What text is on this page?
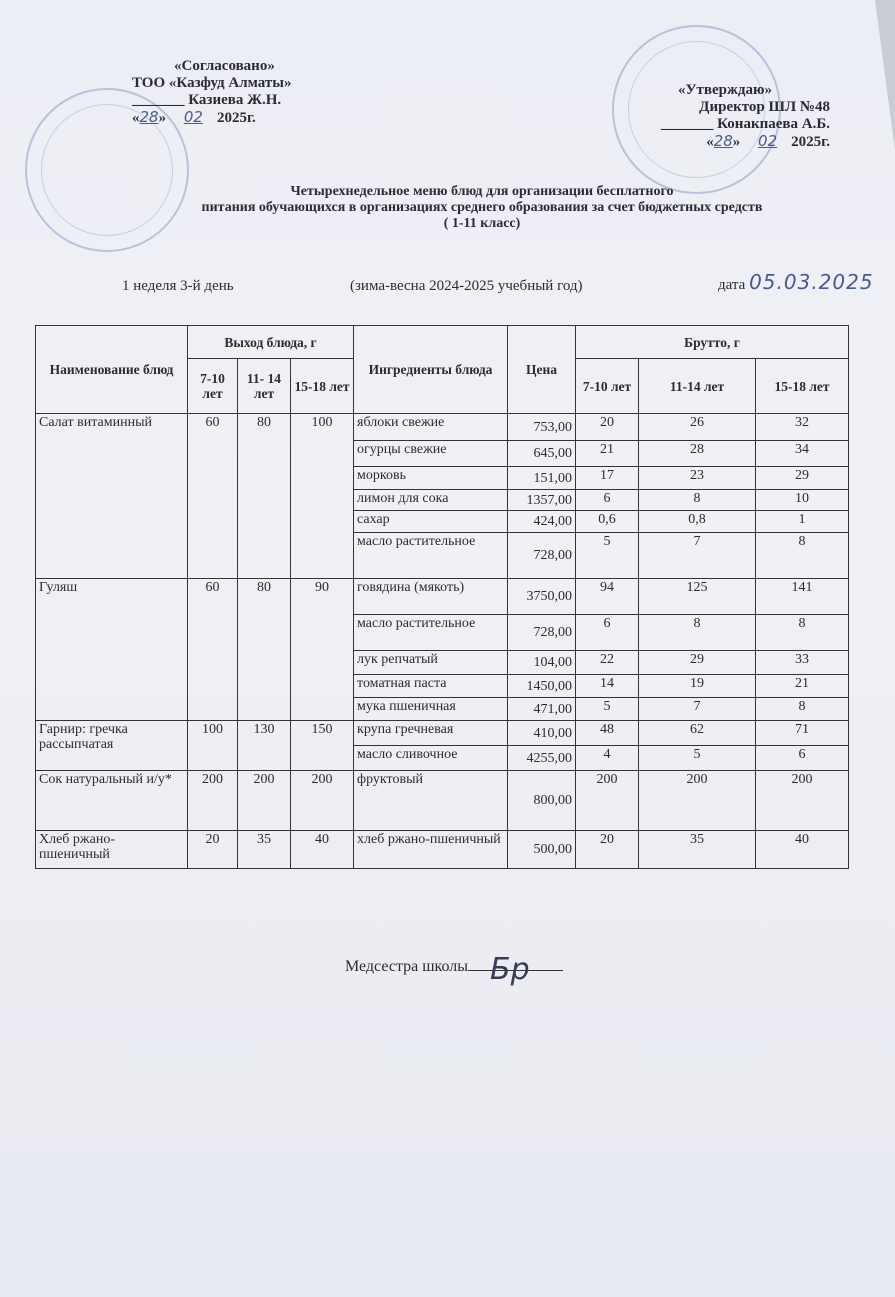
«Согласовано»
ТОО «Казфуд Алматы»
_______ Казиева Ж.Н.
«28» 02 2025г.
«Утверждаю»
Директор ШЛ №48
_______ Конакпаева А.Б.
«28» 02 2025г.
Четырехнедельное меню блюд для организации бесплатного
питания обучающихся в организациях среднего образования за счет бюджетных средств
( 1-11 класс)
1 неделя 3-й день	(зима-весна 2024-2025 учебный год)	дата 05.03.2025
Наименование блюд	Выход блюда, г			Ингредиенты блюда	Цена	Брутто, г		
	7-10 лет	11- 14 лет	15-18 лет			7-10 лет	11-14 лет	15-18 лет
Салат витаминный	60	80	100	яблоки свежие	753,00	20	26	32
				огурцы свежие	645,00	21	28	34
				морковь	151,00	17	23	29
				лимон для сока	1357,00	6	8	10
				сахар	424,00	0,6	0,8	1
				масло растительное	728,00	5	7	8
Гуляш	60	80	90	говядина (мякоть)	3750,00	94	125	141
				масло растительное	728,00	6	8	8
				лук репчатый	104,00	22	29	33
				томатная паста	1450,00	14	19	21
				мука пшеничная	471,00	5	7	8
Гарнир: гречка рассыпчатая	100	130	150	крупа гречневая	410,00	48	62	71
				масло сливочное	4255,00	4	5	6
Сок натуральный и/у*	200	200	200	фруктовый	800,00	200	200	200
Хлеб ржано-пшеничный	20	35	40	хлеб ржано-пшеничный	500,00	20	35	40
Медсестра школы Бр
